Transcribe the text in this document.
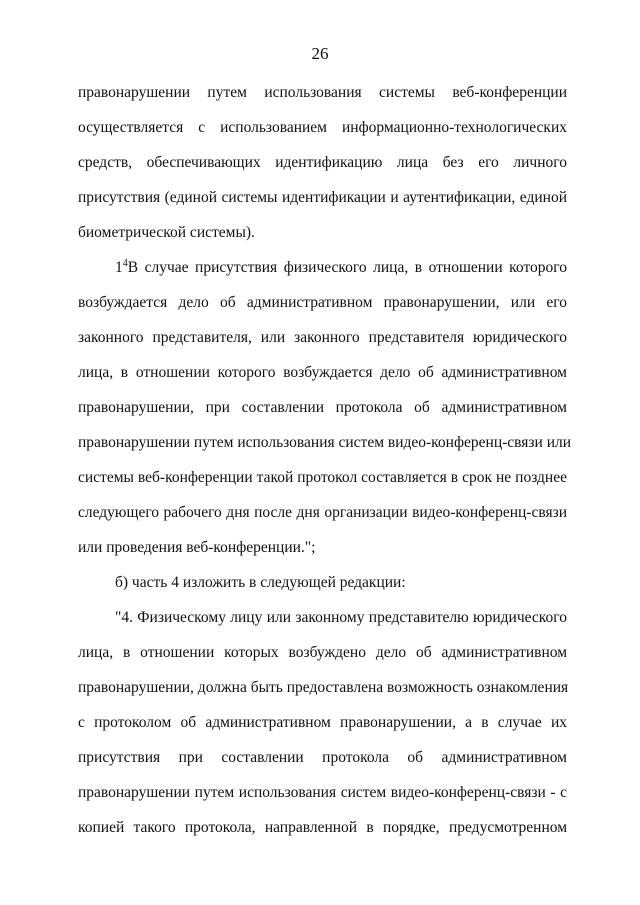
26
правонарушении путем использования системы веб-конференции
осуществляется с использованием информационно-технологических
средств, обеспечивающих идентификацию лица без его личного
присутствия (единой системы идентификации и аутентификации, единой
биометрической системы).
$1^4В$ случае присутствия физического лица, в отношении которого
возбуждается дело об административном правонарушении, или его
законного представителя, или законного представителя юридического
лица, в отношении которого возбуждается дело об административном
правонарушении, при составлении протокола об административном
правонарушении путем использования систем видео-конференц-связи или
системы веб-конференции такой протокол составляется в срок не позднее
следующего рабочего дня после дня организации видео-конференц-связи
или проведения веб-конференции.";
б) часть 4 изложить в следующей редакции:
"4. Физическому лицу или законному представителю юридического
лица, в отношении которых возбуждено дело об административном
правонарушении, должна быть предоставлена возможность ознакомления
с протоколом об административном правонарушении, а в случае их
присутствия при составлении протокола об административном
правонарушении путем использования систем видео-конференц-связи - с
копией такого протокола, направленной в порядке, предусмотренном
